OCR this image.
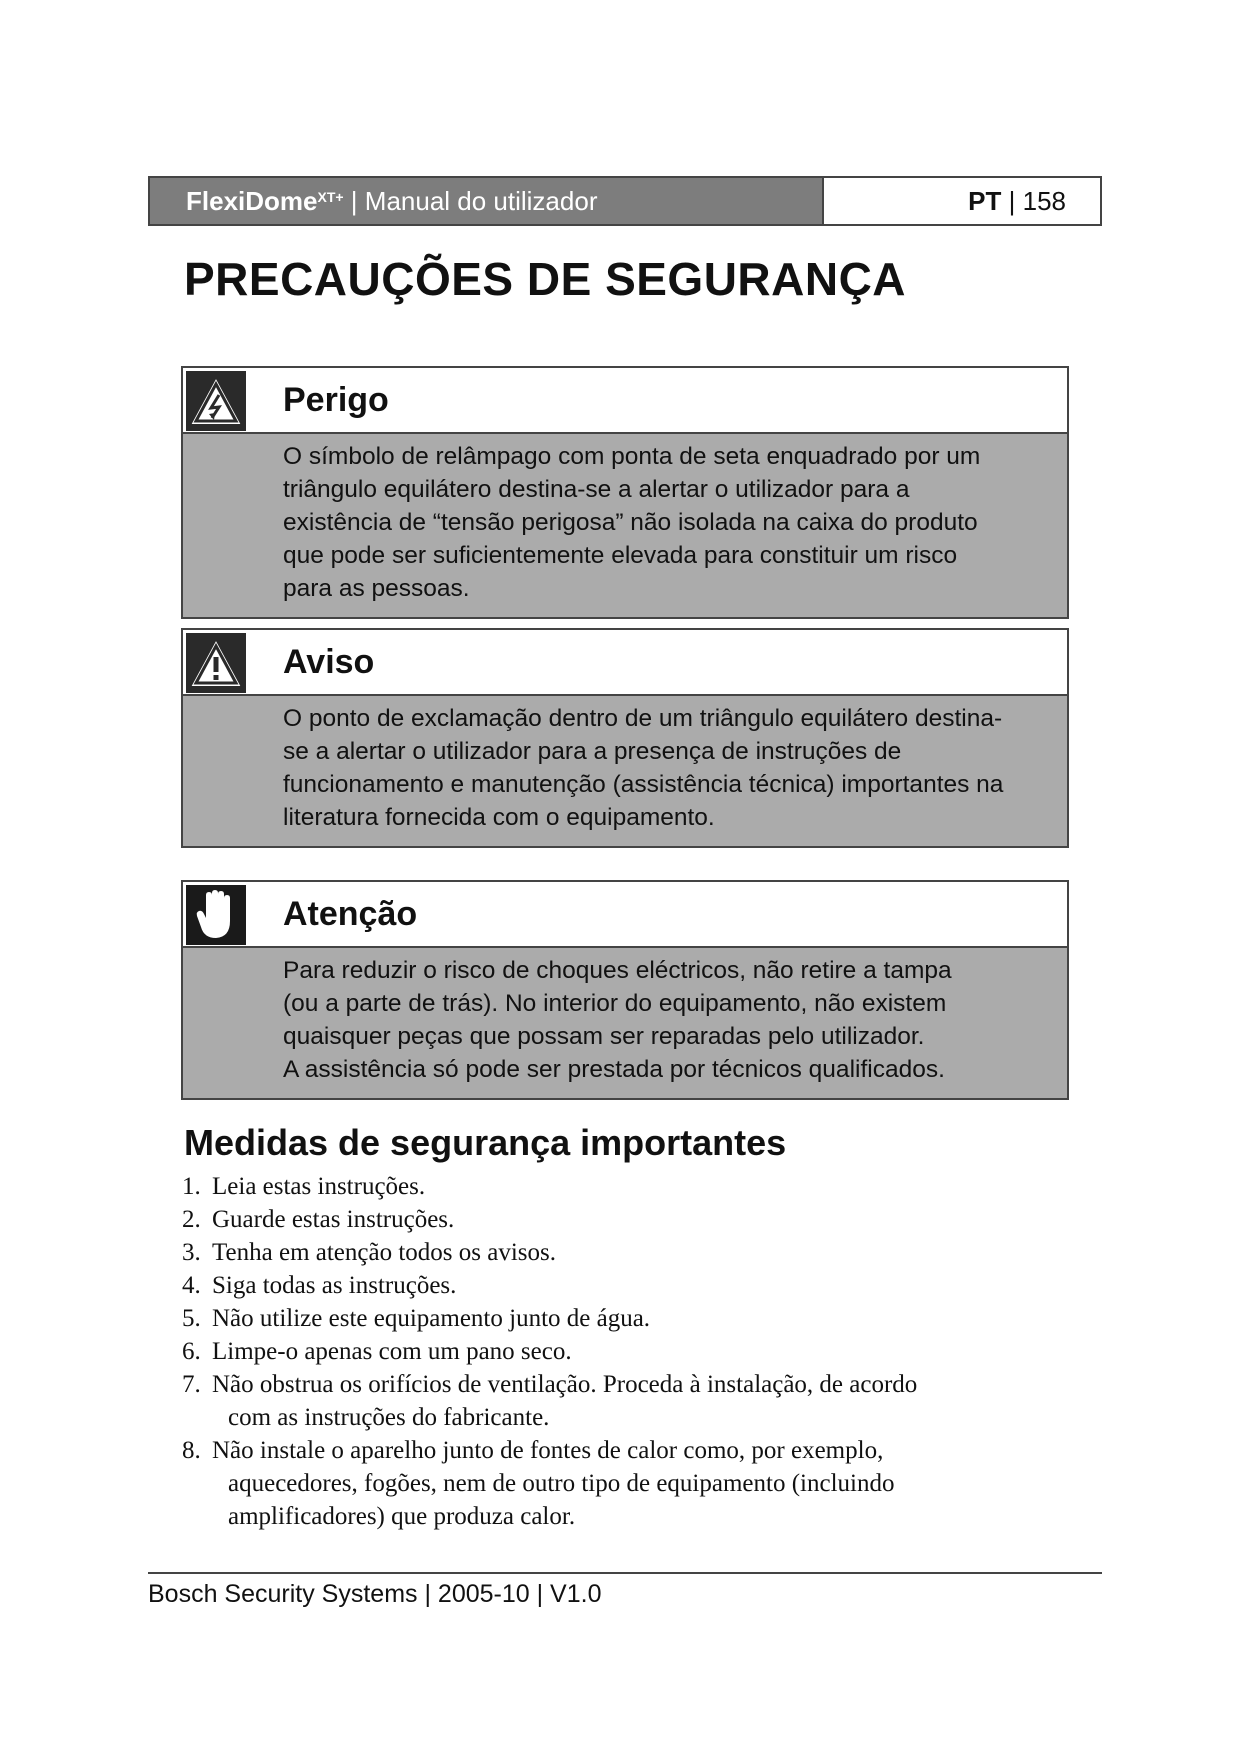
FlexiDome$^{XT+}$ | Manual do utilizador	PT | 158
PRECAUÇÕES DE SEGURANÇA
Perigo

O símbolo de relâmpago com ponta de seta enquadrado por um

triângulo equilátero destina-se a alertar o utilizador para a

existência de “tensão perigosa” não isolada na caixa do produto

que pode ser suficientemente elevada para constituir um risco

para as pessoas.

Aviso

O ponto de exclamação dentro de um triângulo equilátero destina-

se a alertar o utilizador para a presença de instruções de

funcionamento e manutenção (assistência técnica) importantes na

literatura fornecida com o equipamento.

Atenção

Para reduzir o risco de choques eléctricos, não retire a tampa

(ou a parte de trás). No interior do equipamento, não existem

quaisquer peças que possam ser reparadas pelo utilizador.

A assistência só pode ser prestada por técnicos qualificados.

Medidas de segurança importantes
1. Leia estas instruções.
2. Guarde estas instruções.
3. Tenha em atenção todos os avisos.
4. Siga todas as instruções.
5. Não utilize este equipamento junto de água.
6. Limpe-o apenas com um pano seco.
7. Não obstrua os orifícios de ventilação. Proceda à instalação, de acordo
com as instruções do fabricante.
8. Não instale o aparelho junto de fontes de calor como, por exemplo,
aquecedores, fogões, nem de outro tipo de equipamento (incluindo amplificadores) que produza calor.
Bosch Security Systems | 2005-10 | V1.0
